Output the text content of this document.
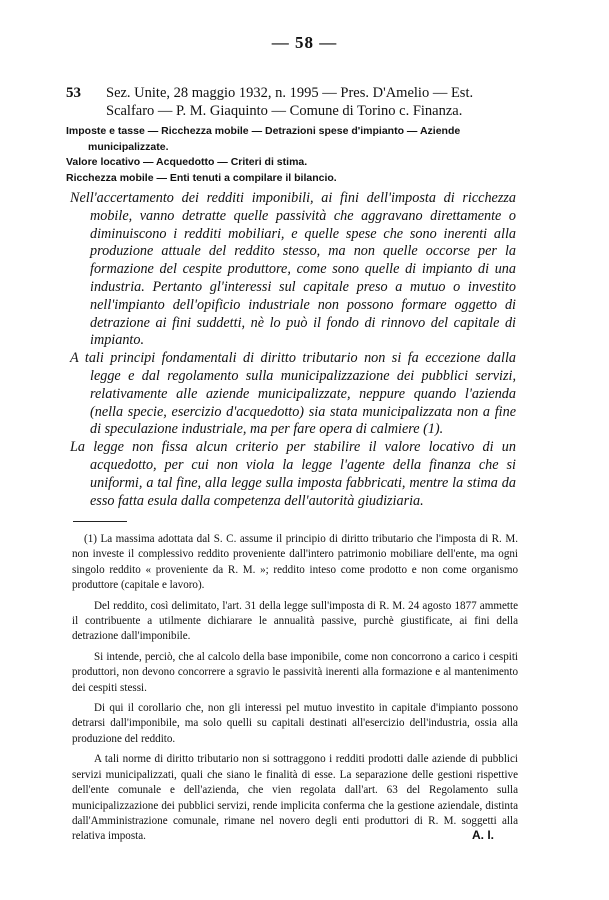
— 58 —
53 Sez. Unite, 28 maggio 1932, n. 1995 — Pres. D'Amelio — Est.
Scalfaro — P. M. Giaquinto — Comune di Torino c. Finanza.
Imposte e tasse — Ricchezza mobile — Detrazioni spese d'impianto — Aziende municipalizzate.
Valore locativo — Acquedotto — Criteri di stima.
Ricchezza mobile — Enti tenuti a compilare il bilancio.

Nell'accertamento dei redditi imponibili, ai fini dell'imposta di ricchezza mobile, vanno detratte quelle passività che aggravano direttamente o diminuiscono i redditi mobiliari, e quelle spese che sono inerenti alla produzione attuale del reddito stesso, ma non quelle occorse per la formazione del cespite produttore, come sono quelle di impianto di una industria. Pertanto gl'interessi sul capitale preso a mutuo o investito nell'impianto dell'opificio industriale non possono formare oggetto di detrazione ai fini suddetti, nè lo può il fondo di rinnovo del capitale di impianto.

A tali principi fondamentali di diritto tributario non si fa eccezione dalla legge e dal regolamento sulla municipalizzazione dei pubblici servizi, relativamente alle aziende municipalizzate, neppure quando l'azienda (nella specie, esercizio d'acquedotto) sia stata municipalizzata non a fine di speculazione industriale, ma per fare opera di calmiere (1).

La legge non fissa alcun criterio per stabilire il valore locativo di un acquedotto, per cui non viola la legge l'agente della finanza che si uniformi, a tal fine, alla legge sulla imposta fabbricati, mentre la stima da esso fatta esula dalla competenza dell'autorità giudiziaria.

(1) La massima adottata dal S. C. assume il principio di diritto tributario che l'imposta di R. M. non investe il complessivo reddito proveniente dall'intero patrimonio mobiliare dell'ente, ma ogni singolo reddito « proveniente da R. M. »; reddito inteso come prodotto e non come organismo produttore (capitale e lavoro).

Del reddito, così delimitato, l'art. 31 della legge sull'imposta di R. M. 24 agosto 1877 ammette il contribuente a utilmente dichiarare le annualità passive, purchè giustificate, ai fini della detrazione dall'imponibile.

Si intende, perciò, che al calcolo della base imponibile, come non concorrono a carico i cespiti produttori, non devono concorrere a sgravio le passività inerenti alla formazione e al mantenimento dei cespiti stessi.

Di qui il corollario che, non gli interessi pel mutuo investito in capitale d'impianto possono detrarsi dall'imponibile, ma solo quelli su capitali destinati all'esercizio dell'industria, ossia alla produzione del reddito.

A tali norme di diritto tributario non si sottraggono i redditi prodotti dalle aziende di pubblici servizi municipalizzati, quali che siano le finalità di esse. La separazione delle gestioni rispettive dell'ente comunale e dell'azienda, che vien regolata dall'art. 63 del Regolamento sulla municipalizzazione dei pubblici servizi, rende implicita conferma che la gestione aziendale, distinta dall'Amministrazione comunale, rimane nel novero degli enti produttori di R. M. soggetti alla relativa imposta.	A. I.
